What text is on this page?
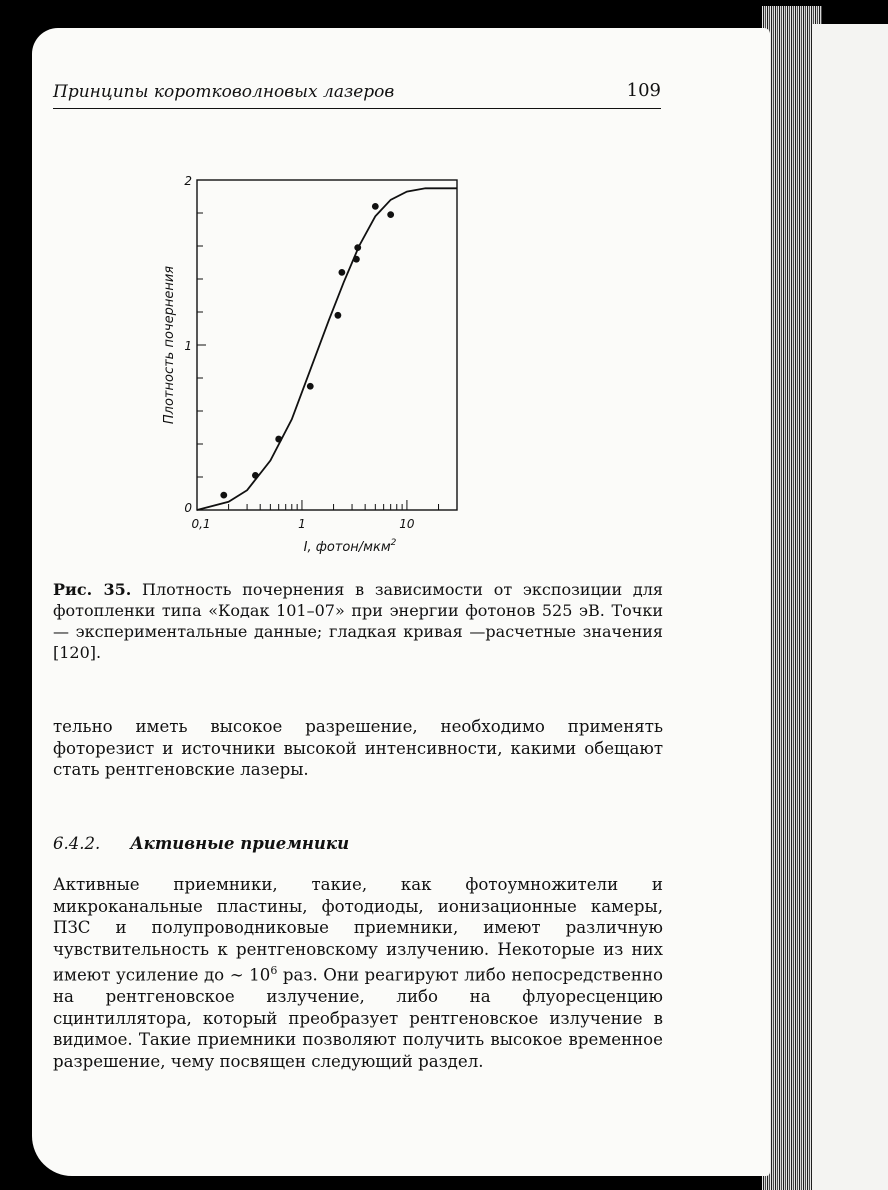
Принципы коротковолновых лазеров	109
0,1	1	10
0
1
2
Плотность почернения
I, фотон/мкм$^2$

Рис. 35. Плотность почернения в зависимости от экспозиции для фотопленки типа «Кодак 101–07» при энергии фотонов 525 эВ. Точки — экспериментальные данные; гладкая кривая —расчетные значения [120].

тельно иметь высокое разрешение, необходимо применять фоторезист и источники высокой интенсивности, какими обещают стать рентгеновские лазеры.

6.4.2. Активные приемники

Активные приемники, такие, как фотоумножители и микроканальные пластины, фотодиоды, ионизационные камеры, ПЗС и полупроводниковые приемники, имеют различную чувствительность к рентгеновскому излучению. Некоторые из них имеют усиление до ∼ $10^6$ раз. Они реагируют либо непосредственно на рентгеновское излучение, либо на флуоресценцию сцинтиллятора, который преобразует рентгеновское излучение в видимое. Такие приемники позволяют получить высокое временное разрешение, чему посвящен следующий раздел.
